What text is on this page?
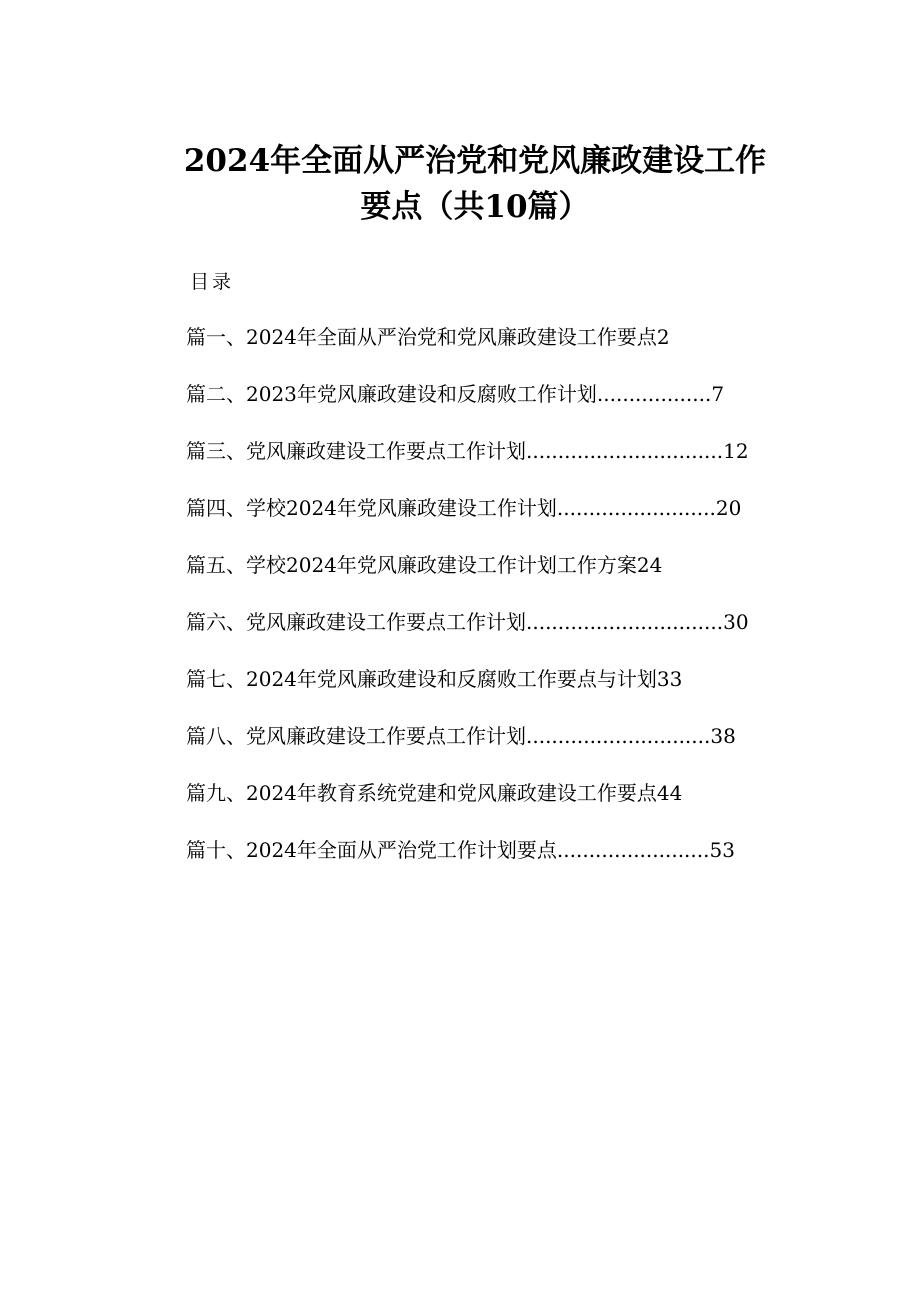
2024年全面从严治党和党风廉政建设工作
要点（共10篇）
目录
篇一、2024年全面从严治党和党风廉政建设工作要点 2
篇二、2023年党风廉政建设和反腐败工作计划 .................. 7
篇三、党风廉政建设工作要点工作计划 ............................... 12
篇四、学校2024年党风廉政建设工作计划 ......................... 20
篇五、学校2024年党风廉政建设工作计划工作方案 24
篇六、党风廉政建设工作要点工作计划 ............................... 30
篇七、2024年党风廉政建设和反腐败工作要点与计划 33
篇八、党风廉政建设工作要点工作计划 ............................. 38
篇九、2024年教育系统党建和党风廉政建设工作要点 44
篇十、2024年全面从严治党工作计划要点 ........................ 53
